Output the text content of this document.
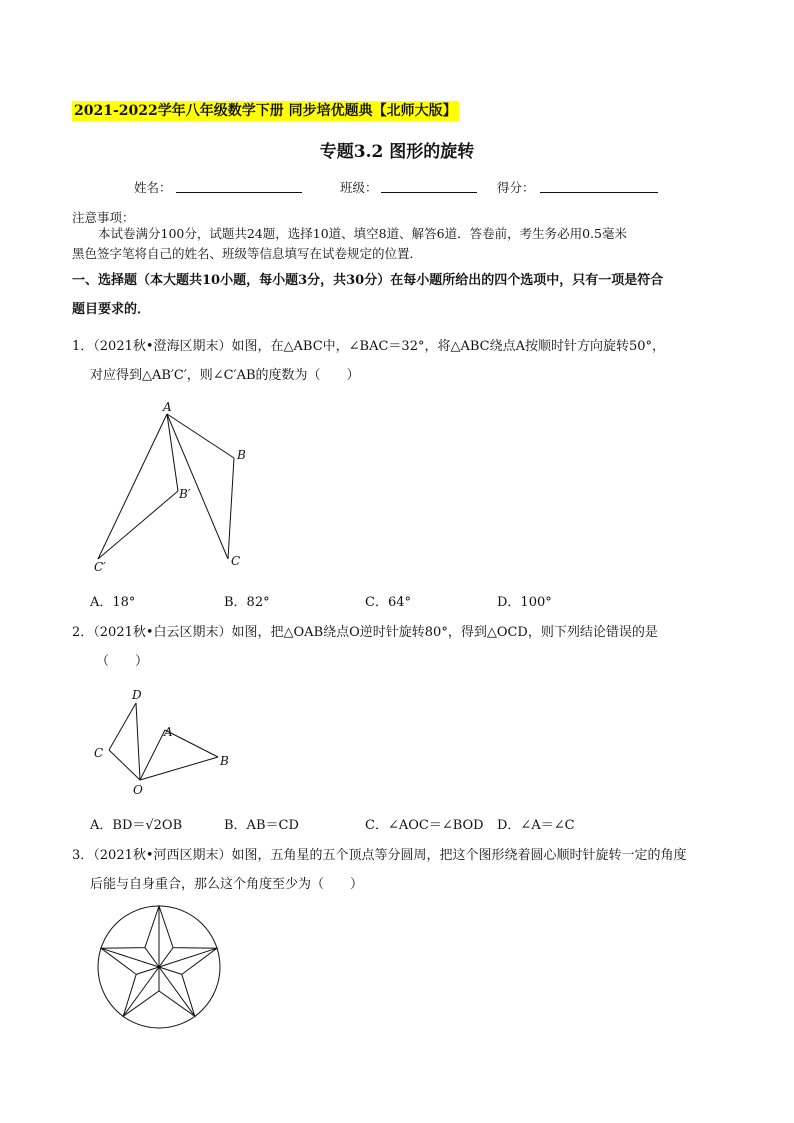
2021-2022学年八年级数学下册 同步培优题典【北师大版】
专题3.2 图形的旋转
姓名：	班级：	得分：
注意事项：
本试卷满分100分，试题共24题，选择10道、填空8道、解答6道．答卷前，考生务必用0.5毫米
黑色签字笔将自己的姓名、班级等信息填写在试卷规定的位置．
一、选择题（本大题共10小题，每小题3分，共30分）在每小题所给出的四个选项中，只有一项是符合
题目要求的．
1．（2021秋•澄海区期末）如图，在△ABC中，∠BAC＝32°，将△ABC绕点A按顺时针方向旋转50°，
对应得到△AB′C′，则∠C′AB的度数为（　　）
A
B
B′
C
C′
A．18°	B．82°	C．64°	D．100°
2．（2021秋•白云区期末）如图，把△OAB绕点O逆时针旋转80°，得到△OCD，则下列结论错误的是
（　　）
D
C
A
B
O
A．BD＝√2OB	B．AB＝CD	C．∠AOC＝∠BOD D．∠A＝∠C
3．（2021秋•河西区期末）如图，五角星的五个顶点等分圆周，把这个图形绕着圆心顺时针旋转一定的角度
后能与自身重合，那么这个角度至少为（　　）
